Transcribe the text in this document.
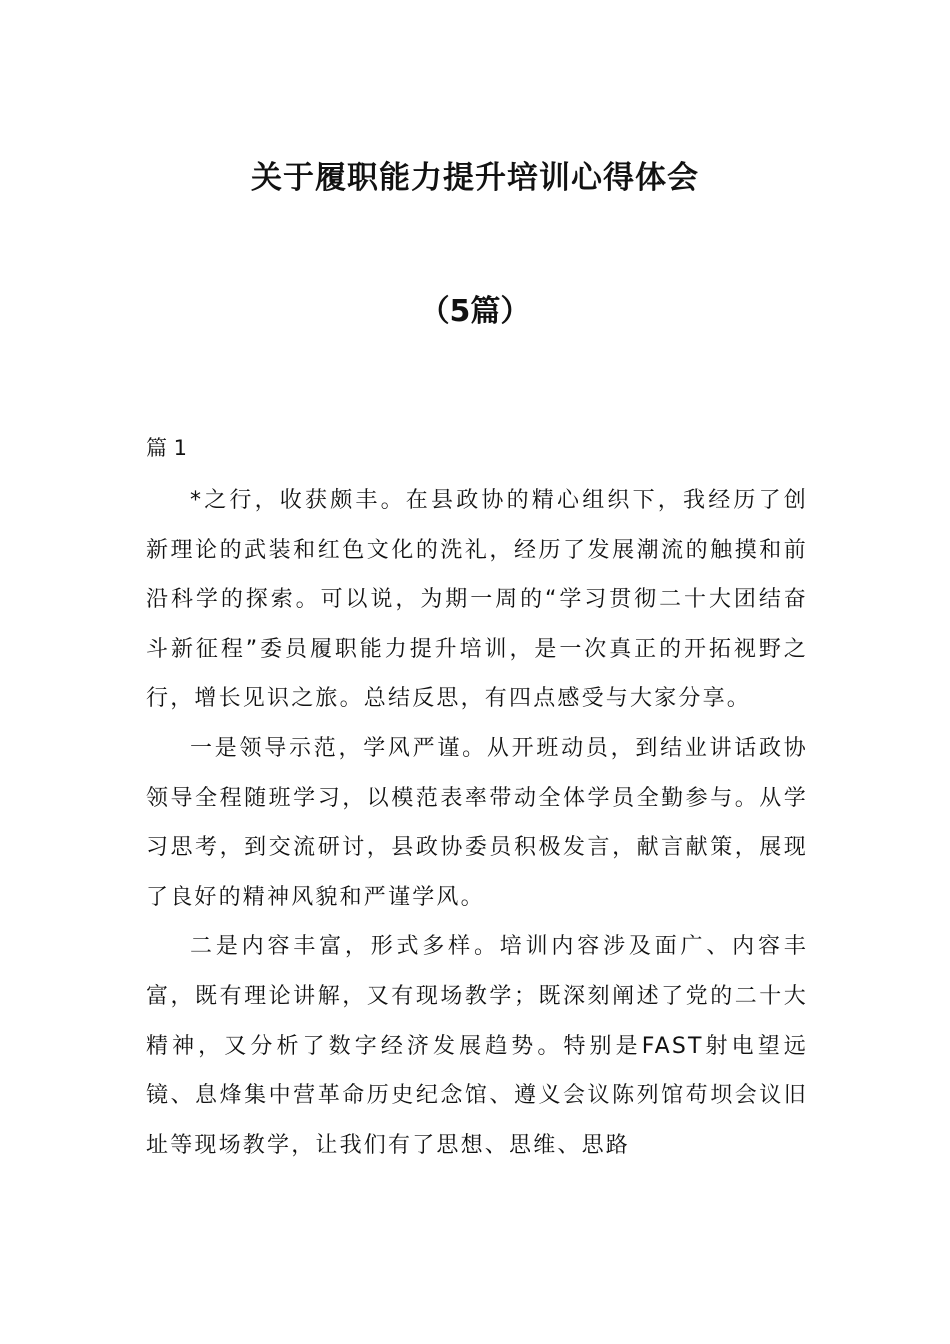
关于履职能力提升培训心得体会
（5篇）
篇 1

*之行，收获颇丰。在县政协的精心组织下，我经历了创新理论的武装和红色文化的洗礼，经历了发展潮流的触摸和前沿科学的探索。可以说，为期一周的“学习贯彻二十大团结奋斗新征程”委员履职能力提升培训，是一次真正的开拓视野之行，增长见识之旅。总结反思，有四点感受与大家分享。

一是领导示范，学风严谨。从开班动员，到结业讲话政协领导全程随班学习，以模范表率带动全体学员全勤参与。从学习思考，到交流研讨，县政协委员积极发言，献言献策，展现了良好的精神风貌和严谨学风。

二是内容丰富，形式多样。培训内容涉及面广、内容丰富，既有理论讲解，又有现场教学；既深刻阐述了党的二十大精神，又分析了数字经济发展趋势。特别是FAST射电望远镜、息烽集中营革命历史纪念馆、遵义会议陈列馆苟坝会议旧址等现场教学，让我们有了思想、思维、思路
